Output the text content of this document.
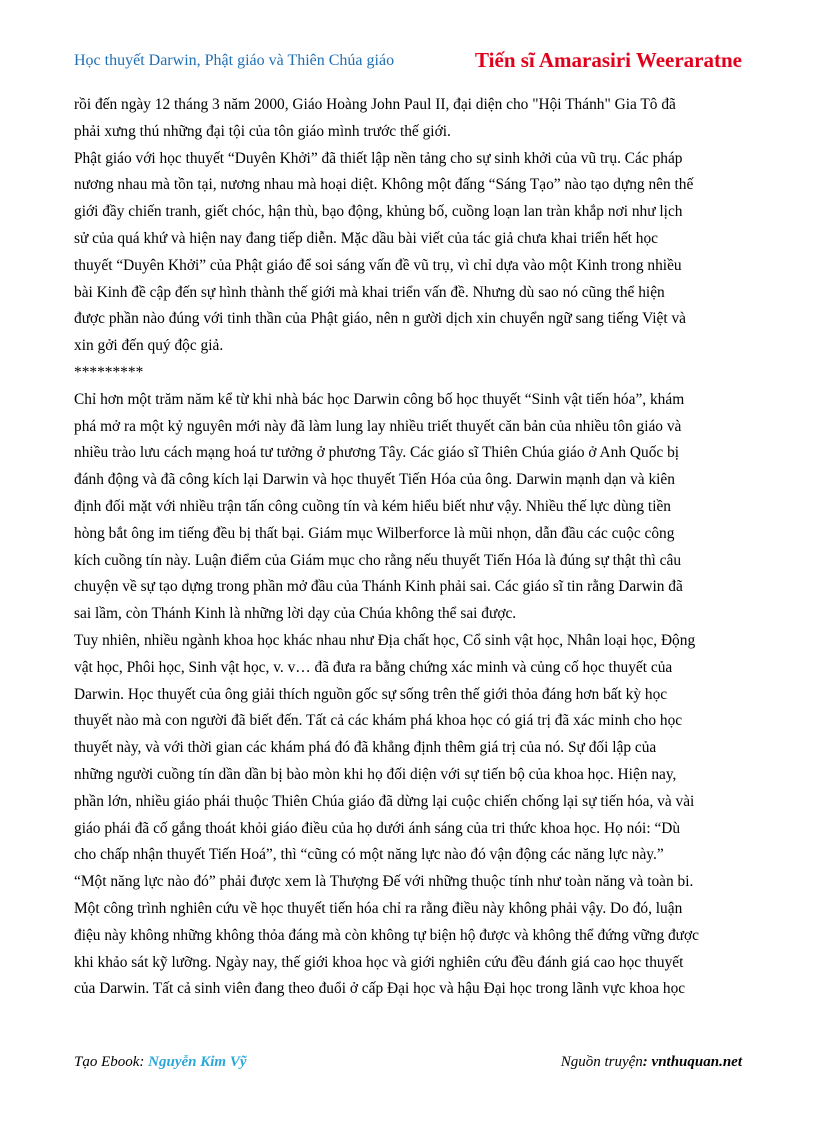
Học thuyết Darwin, Phật giáo và Thiên Chúa giáo	Tiến sĩ Amarasiri Weeraratne
rồi đến ngày 12 tháng 3 năm 2000, Giáo Hoàng John Paul II, đại diện cho "Hội Thánh" Gia Tô đã
phải xưng thú những đại tội của tôn giáo mình trước thế giới.
Phật giáo với học thuyết “Duyên Khởi” đã thiết lập nền tảng cho sự sinh khởi của vũ trụ. Các pháp
nương nhau mà tồn tại, nương nhau mà hoại diệt. Không một đấng “Sáng Tạo” nào tạo dựng nên thế
giới đầy chiến tranh, giết chóc, hận thù, bạo động, khủng bố, cuồng loạn lan tràn khắp nơi như lịch
sử của quá khứ và hiện nay đang tiếp diễn. Mặc dầu bài viết của tác giả chưa khai triển hết học
thuyết “Duyên Khởi” của Phật giáo để soi sáng vấn đề vũ trụ, vì chỉ dựa vào một Kinh trong nhiều
bài Kinh đề cập đến sự hình thành thế giới mà khai triển vấn đề. Nhưng dù sao nó cũng thể hiện
được phần nào đúng với tinh thần của Phật giáo, nên n gười dịch xin chuyển ngữ sang tiếng Việt và
xin gởi đến quý độc giả.
*********
Chỉ hơn một trăm năm kể từ khi nhà bác học Darwin công bố học thuyết “Sinh vật tiến hóa”, khám
phá mở ra một kỷ nguyên mới này đã làm lung lay nhiều triết thuyết căn bản của nhiều tôn giáo và
nhiều trào lưu cách mạng hoá tư tưởng ở phương Tây. Các giáo sĩ Thiên Chúa giáo ở Anh Quốc bị
đánh động và đã công kích lại Darwin và học thuyết Tiến Hóa của ông. Darwin mạnh dạn và kiên
định đối mặt với nhiều trận tấn công cuồng tín và kém hiểu biết như vậy. Nhiều thế lực dùng tiền
hòng bắt ông im tiếng đều bị thất bại. Giám mục Wilberforce là mũi nhọn, dẫn đầu các cuộc công
kích cuồng tín này. Luận điểm của Giám mục cho rằng nếu thuyết Tiến Hóa là đúng sự thật thì câu
chuyện về sự tạo dựng trong phần mở đầu của Thánh Kinh phải sai. Các giáo sĩ tin rằng Darwin đã
sai lầm, còn Thánh Kinh là những lời dạy của Chúa không thể sai được.
Tuy nhiên, nhiều ngành khoa học khác nhau như Địa chất học, Cổ sinh vật học, Nhân loại học, Động
vật học, Phôi học, Sinh vật học, v. v… đã đưa ra bằng chứng xác minh và củng cố học thuyết của
Darwin. Học thuyết của ông giải thích nguồn gốc sự sống trên thế giới thỏa đáng hơn bất kỳ học
thuyết nào mà con người đã biết đến. Tất cả các khám phá khoa học có giá trị đã xác minh cho học
thuyết này, và với thời gian các khám phá đó đã khẳng định thêm giá trị của nó. Sự đối lập của
những người cuồng tín dần dần bị bào mòn khi họ đối diện với sự tiến bộ của khoa học. Hiện nay,
phần lớn, nhiều giáo phái thuộc Thiên Chúa giáo đã dừng lại cuộc chiến chống lại sự tiến hóa, và vài
giáo phái đã cố gắng thoát khỏi giáo điều của họ dưới ánh sáng của tri thức khoa học. Họ nói: “Dù
cho chấp nhận thuyết Tiến Hoá”, thì “cũng có một năng lực nào đó vận động các năng lực này.”
“Một năng lực nào đó” phải được xem là Thượng Đế với những thuộc tính như toàn năng và toàn bi.
Một công trình nghiên cứu về học thuyết tiến hóa chỉ ra rằng điều này không phải vậy. Do đó, luận
điệu này không những không thỏa đáng mà còn không tự biện hộ được và không thể đứng vững được
khi khảo sát kỹ lưỡng. Ngày nay, thế giới khoa học và giới nghiên cứu đều đánh giá cao học thuyết
của Darwin. Tất cả sinh viên đang theo đuổi ở cấp Đại học và hậu Đại học trong lãnh vực khoa học
Tạo Ebook: Nguyễn Kim Vỹ	Nguồn truyện: vnthuquan.net
